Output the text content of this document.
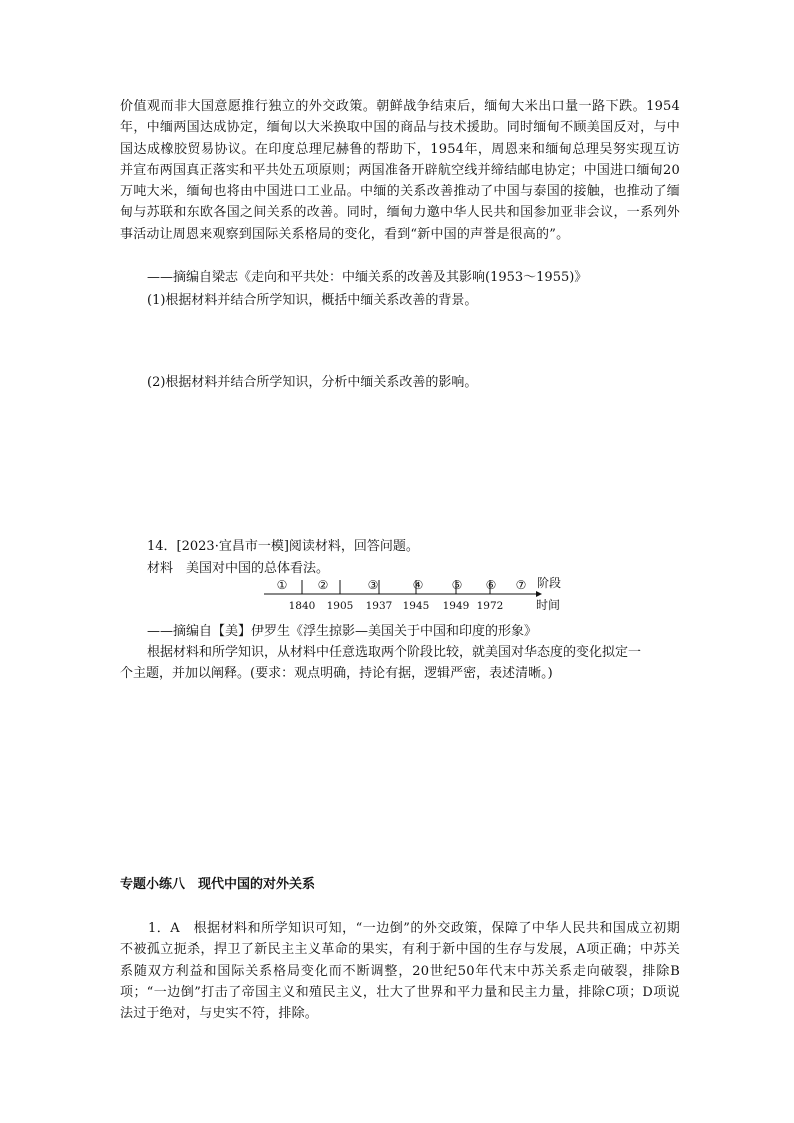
价值观而非大国意愿推行独立的外交政策。朝鲜战争结束后，缅甸大米出口量一路下跌。1954年，中缅两国达成协定，缅甸以大米换取中国的商品与技术援助。同时缅甸不顾美国反对，与中国达成橡胶贸易协议。在印度总理尼赫鲁的帮助下，1954年，周恩来和缅甸总理吴努实现互访并宣布两国真正落实和平共处五项原则；两国准备开辟航空线并缔结邮电协定；中国进口缅甸20万吨大米，缅甸也将由中国进口工业品。中缅的关系改善推动了中国与泰国的接触，也推动了缅甸与苏联和东欧各国之间关系的改善。同时，缅甸力邀中华人民共和国参加亚非会议，一系列外事活动让周恩来观察到国际关系格局的变化，看到“新中国的声誉是很高的”。

——摘编自梁志《走向和平共处：中缅关系的改善及其影响(1953～1955)》

(1)根据材料并结合所学知识，概括中缅关系改善的背景。

(2)根据材料并结合所学知识，分析中缅关系改善的影响。

14．[2023·宜昌市一模]阅读材料，回答问题。

材料　美国对中国的总体看法。

①	②	③	④ ⑤ ⑥ ⑦
1840 1905 1937 1945 1949 1972
阶段
时间

——摘编自【美】伊罗生《浮生掠影—美国关于中国和印度的形象》

根据材料和所学知识，从材料中任意选取两个阶段比较，就美国对华态度的变化拟定一

个主题，并加以阐释。(要求：观点明确，持论有据，逻辑严密，表述清晰。)

专题小练八　现代中国的对外关系

1．A　根据材料和所学知识可知，“一边倒”的外交政策，保障了中华人民共和国成立初期不被孤立扼杀，捍卫了新民主主义革命的果实，有利于新中国的生存与发展，A项正确；中苏关系随双方利益和国际关系格局变化而不断调整，20世纪50年代末中苏关系走向破裂，排除B项；“一边倒”打击了帝国主义和殖民主义，壮大了世界和平力量和民主力量，排除C项；D项说法过于绝对，与史实不符，排除。
